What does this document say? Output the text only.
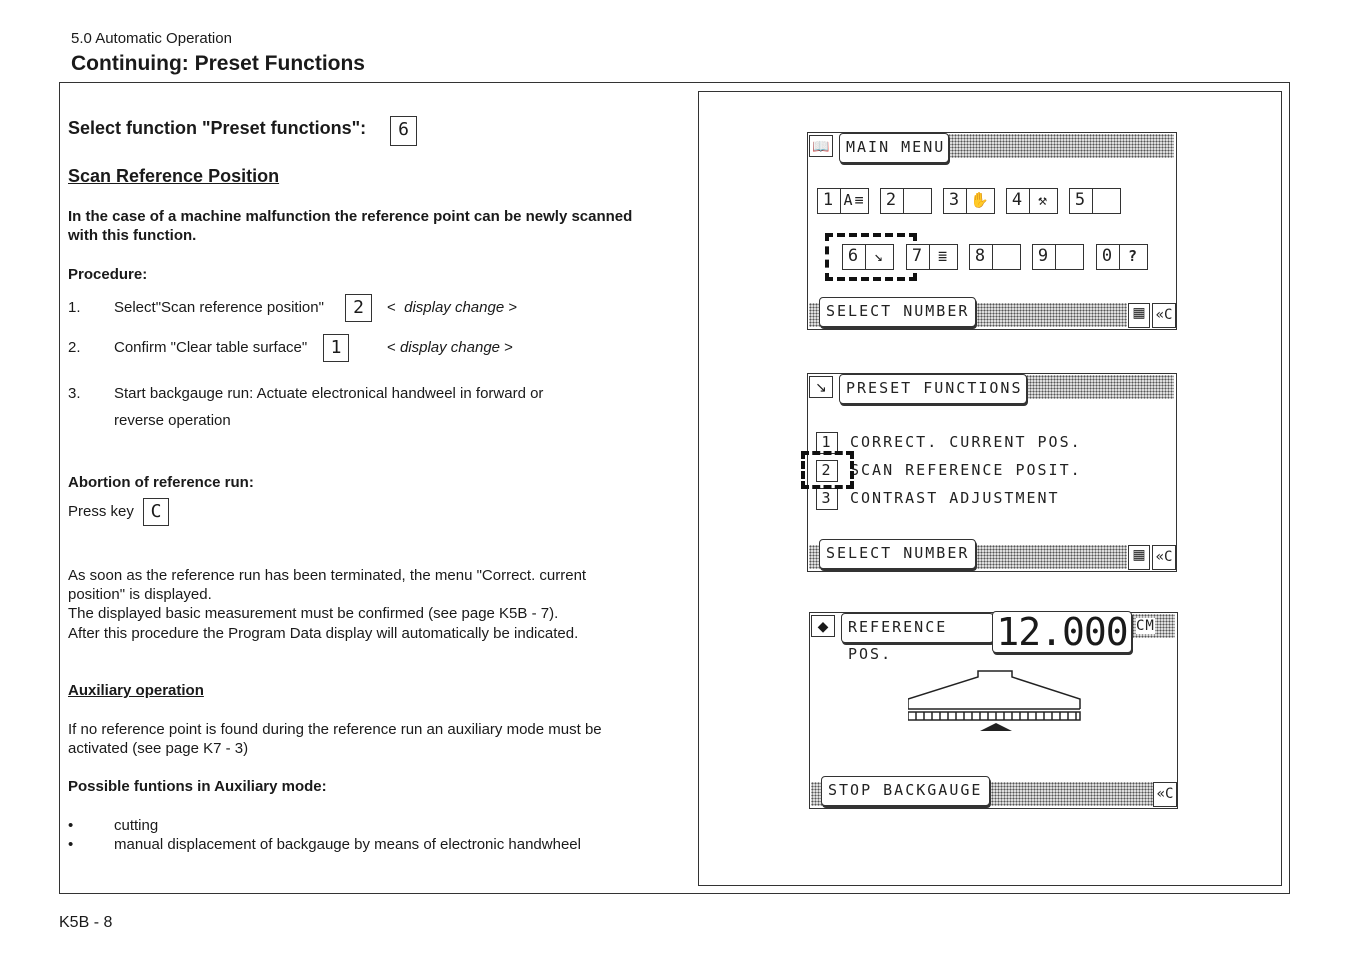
5.0 Automatic Operation
Continuing: Preset Functions
Select function "Preset functions":	6
Scan Reference Position
In the case of a machine malfunction the reference point can be newly scanned with this function.
Procedure:
1. Select"Scan reference position"	2	<  display change >
2. Confirm "Clear table surface"	1	< display change >
3. Start backgauge run: Actuate electronical handweel in forward or
reverse operation
Abortion of reference run:
Press key C
As soon as the reference run has been terminated, the menu "Correct. current position" is displayed.
The displayed basic measurement must be confirmed (see page K5B - 7).
After this procedure the Program Data display will automatically be indicated.
Auxiliary operation
If no reference point is found during the reference run an auxiliary mode must be activated (see page K7 - 3)
Possible funtions in Auxiliary mode:
•	cutting
•	manual displacement of backgauge by means of electronic handwheel
📖	MAIN MENU
1 A≡ 2	3 ✋ 4 ⚒	5
6 ↘	7 ≣	8	9	0 ?
SELECT NUMBER	▦ «C
↘	PRESET FUNCTIONS
1 CORRECT. CURRENT POS.
2 SCAN REFERENCE POSIT.
3 CONTRAST ADJUSTMENT
SELECT NUMBER	▦ «C
◆	REFERENCE POS.	12.000 CM
STOP BACKGAUGE	«C
K5B - 8
